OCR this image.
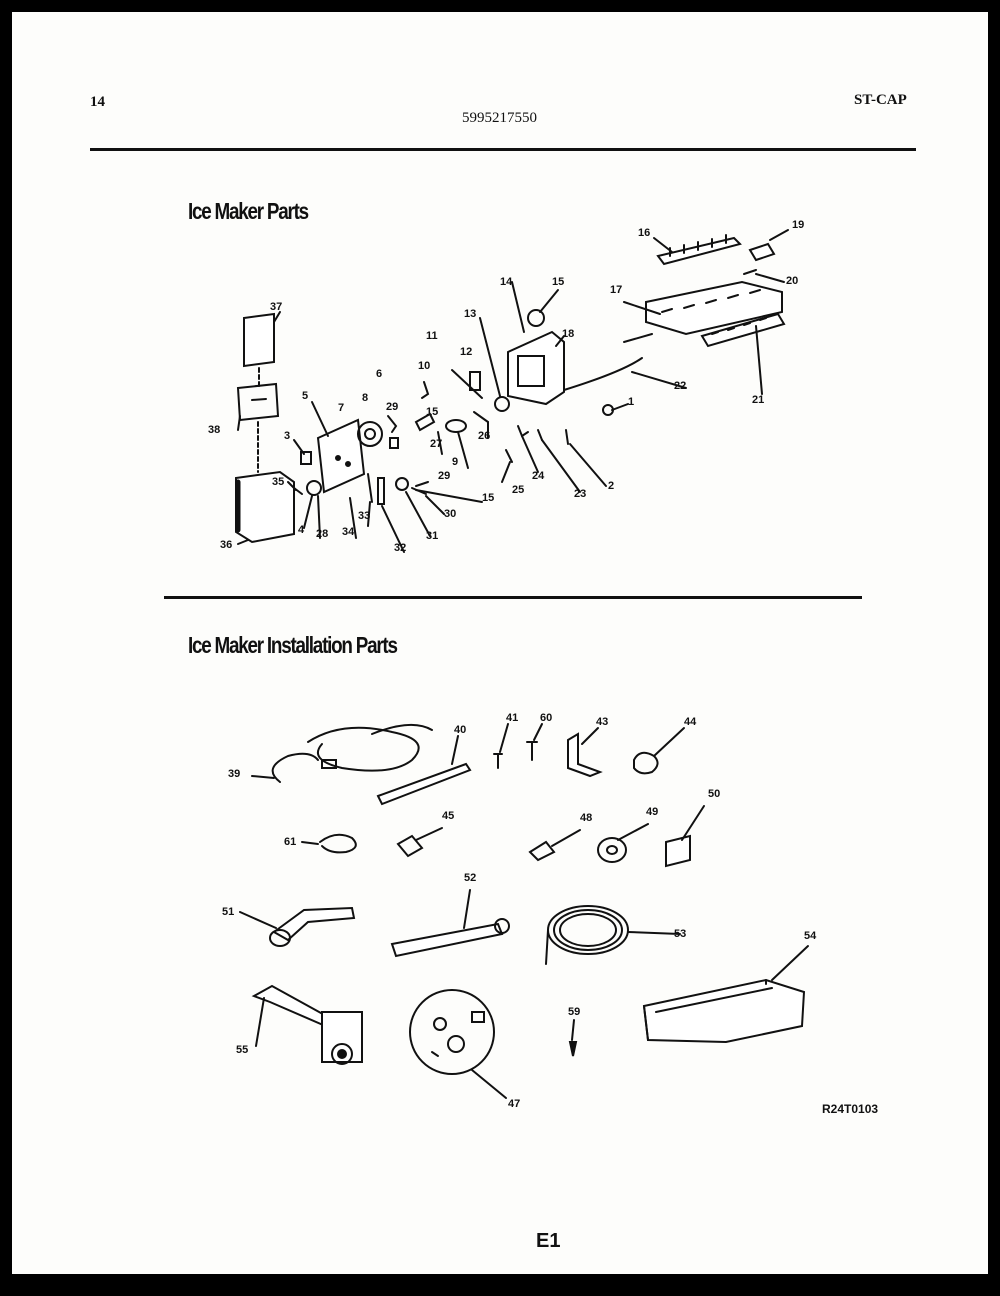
14
5995217550
ST-CAP
Ice Maker Parts
Ice Maker Installation Parts
37
38	3
35
36
4 28 34
5
7
8
6
29
33
32
31
30
10
11
12
13
14	15
18
16
17
19
20
21
22
1
2
23
24
25
26
27
9
15
29
15
39
40
41 60	43	44
61
45	48	49
50
51
52
53	54
55
47
59
R24T0103
E1
